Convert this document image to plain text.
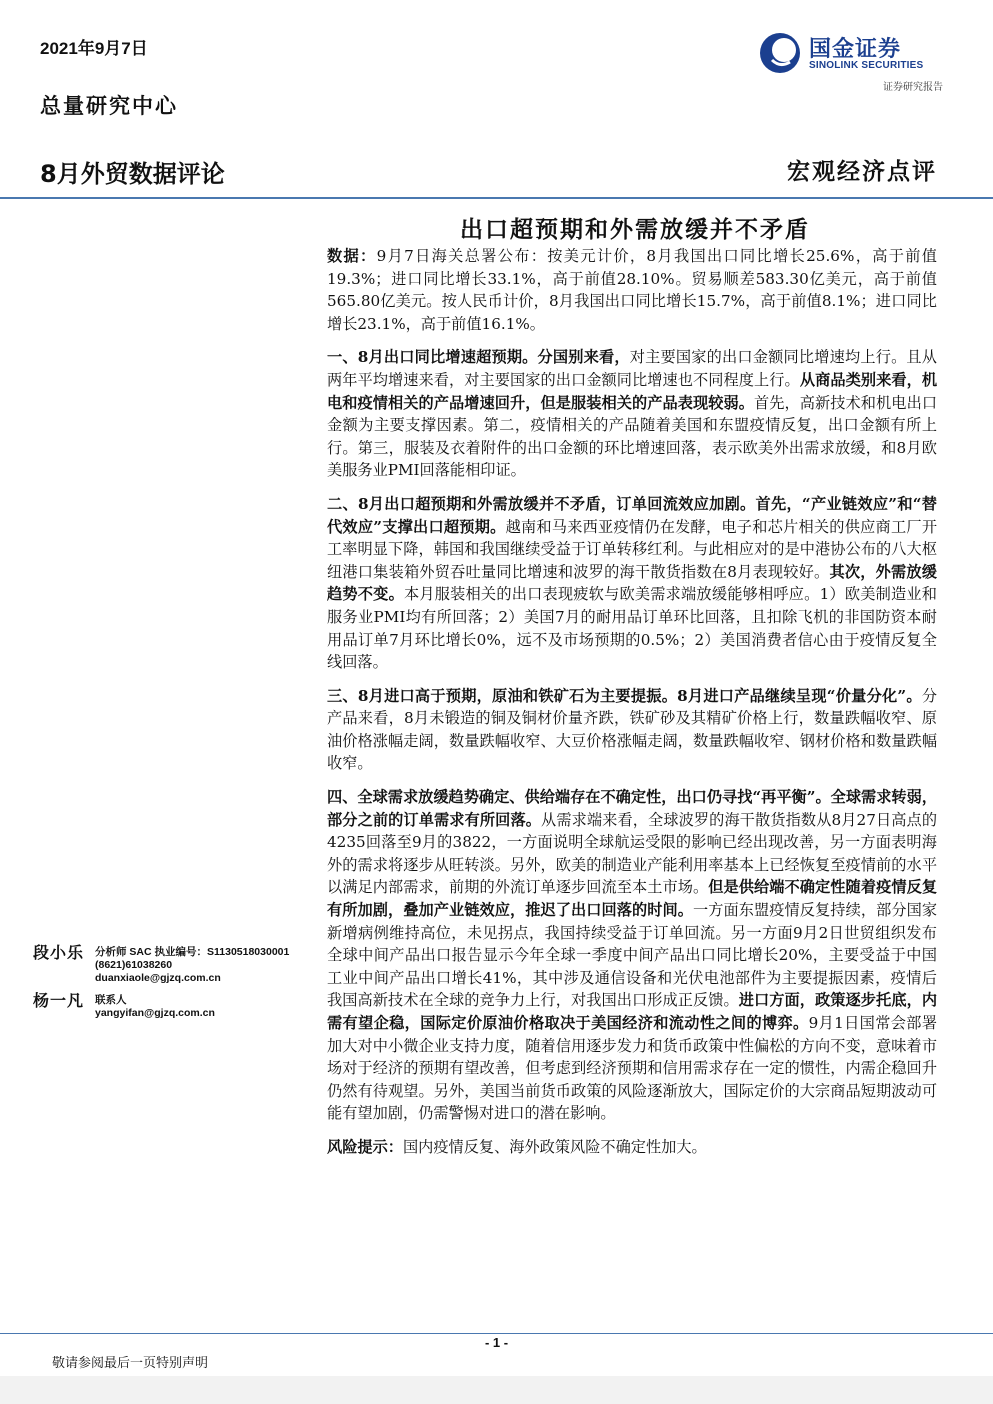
2021年9月7日
总量研究中心
国金证券
SINOLINK SECURITIES
证券研究报告
8月外贸数据评论	宏观经济点评
出口超预期和外需放缓并不矛盾

数据：9月7日海关总署公布：按美元计价，8月我国出口同比增长25.6%，高于前值19.3%；进口同比增长33.1%，高于前值28.10%。贸易顺差583.30亿美元，高于前值565.80亿美元。按人民币计价，8月我国出口同比增长15.7%，高于前值8.1%；进口同比增长23.1%，高于前值16.1%。

一、8月出口同比增速超预期。分国别来看，对主要国家的出口金额同比增速均上行。且从两年平均增速来看，对主要国家的出口金额同比增速也不同程度上行。从商品类别来看，机电和疫情相关的产品增速回升，但是服装相关的产品表现较弱。首先，高新技术和机电出口金额为主要支撑因素。第二，疫情相关的产品随着美国和东盟疫情反复，出口金额有所上行。第三，服装及衣着附件的出口金额的环比增速回落，表示欧美外出需求放缓，和8月欧美服务业PMI回落能相印证。

二、8月出口超预期和外需放缓并不矛盾，订单回流效应加剧。首先，“产业链效应”和“替代效应”支撑出口超预期。越南和马来西亚疫情仍在发酵，电子和芯片相关的供应商工厂开工率明显下降，韩国和我国继续受益于订单转移红利。与此相应对的是中港协公布的八大枢纽港口集装箱外贸吞吐量同比增速和波罗的海干散货指数在8月表现较好。其次，外需放缓趋势不变。本月服装相关的出口表现疲软与欧美需求端放缓能够相呼应。1）欧美制造业和服务业PMI均有所回落；2）美国7月的耐用品订单环比回落，且扣除飞机的非国防资本耐用品订单7月环比增长0%，远不及市场预期的0.5%；2）美国消费者信心由于疫情反复全线回落。

三、8月进口高于预期，原油和铁矿石为主要提振。8月进口产品继续呈现“价量分化”。分产品来看，8月未锻造的铜及铜材价量齐跌，铁矿砂及其精矿价格上行，数量跌幅收窄、原油价格涨幅走阔，数量跌幅收窄、大豆价格涨幅走阔，数量跌幅收窄、钢材价格和数量跌幅收窄。

四、全球需求放缓趋势确定、供给端存在不确定性，出口仍寻找“再平衡”。全球需求转弱，部分之前的订单需求有所回落。从需求端来看，全球波罗的海干散货指数从8月27日高点的4235回落至9月的3822，一方面说明全球航运受限的影响已经出现改善，另一方面表明海外的需求将逐步从旺转淡。另外，欧美的制造业产能利用率基本上已经恢复至疫情前的水平以满足内部需求，前期的外流订单逐步回流至本土市场。但是供给端不确定性随着疫情反复有所加剧，叠加产业链效应，推迟了出口回落的时间。一方面东盟疫情反复持续，部分国家新增病例维持高位，未见拐点，我国持续受益于订单回流。另一方面9月2日世贸组织发布全球中间产品出口报告显示今年全球一季度中间产品出口同比增长20%，主要受益于中国工业中间产品出口增长41%，其中涉及通信设备和光伏电池部件为主要提振因素，疫情后我国高新技术在全球的竞争力上行，对我国出口形成正反馈。进口方面，政策逐步托底，内需有望企稳，国际定价原油价格取决于美国经济和流动性之间的博弈。9月1日国常会部署加大对中小微企业支持力度，随着信用逐步发力和货币政策中性偏松的方向不变，意味着市场对于经济的预期有望改善，但考虑到经济预期和信用需求存在一定的惯性，内需企稳回升仍然有待观望。另外，美国当前货币政策的风险逐渐放大，国际定价的大宗商品短期波动可能有望加剧，仍需警惕对进口的潜在影响。

风险提示：国内疫情反复、海外政策风险不确定性加大。

段小乐 分析师 SAC 执业编号：S1130518030001
(8621)61038260
duanxiaole@gjzq.com.cn
杨一凡 联系人
yangyifan@gjzq.com.cn
- 1 -
敬请参阅最后一页特别声明
